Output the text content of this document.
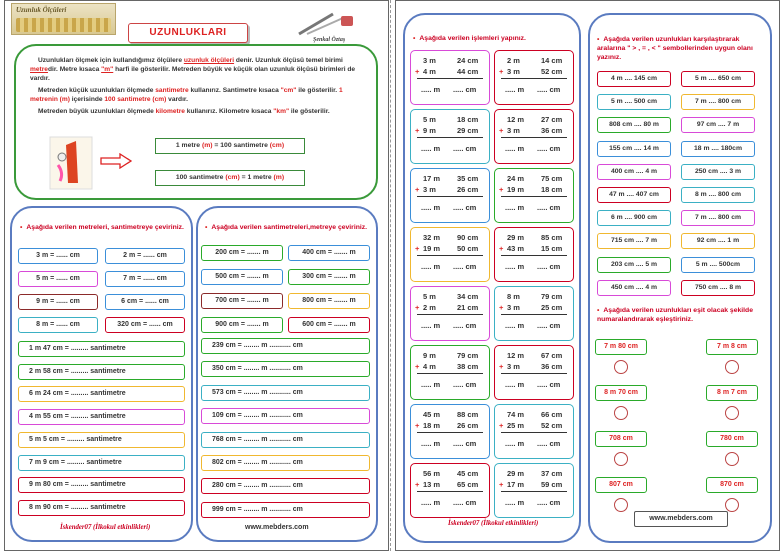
Uzunluk Ölçüleri
UZUNLUKLARI
Şenkal Öztaş

Uzunlukları ölçmek için kullandığımız ölçülere uzunluk ölçüleri denir. Uzunluk ölçüsü temel birimi metredir. Metre kısaca "m" harfi ile gösterilir. Metreden büyük ve küçük olan uzunluk ölçüsü birimleri de vardır.

Metreden küçük uzunlukları ölçmede santimetre kullanırız. Santimetre kısaca "cm" ile gösterilir. 1 metrenin (m) içerisinde 100 santimetre (cm) vardır.

Metreden büyük uzunlukları ölçmede kilometre kullanırız. Kilometre kısaca "km" ile gösterilir.

1 metre (m) = 100 santimetre (cm)
100 santimetre (cm) = 1 metre (m)
• Aşağıda verilen metreleri, santimetreye çeviriniz.	• Aşağıda verilen santimetreleri,metreye çeviriniz.
İskender07 (İlkokul etkinlikleri)	www.mebders.com
• Aşağıda verilen işlemleri yapınız.
İskender07 (İlkokul etkinlikleri)
• Aşağıda verilen uzunlukları karşılaştırarak aralarına " > , = , < " sembollerinden uygun olanı yazınız.
• Aşağıda verilen uzunlukları eşit olacak şekilde numaralandırarak eşleştiriniz.
www.mebders.com
3 m = ...... cm	200 cm = ....... m
2 m = ...... cm	400 cm = ....... m
5 m = ...... cm	500 cm = ....... m
7 m = ...... cm	300 cm = ....... m
9 m = ...... cm	700 cm = ....... m
6 cm = ...... cm	800 cm = ....... m
8 m = ...... cm	900 cm = ....... m
320 cm = ...... cm	600 cm = ....... m
1 m 47 cm = ......... santimetre	239 cm = ........ m ........... cm
2 m 58 cm = ......... santimetre	350 cm = ........ m ........... cm
6 m 24 cm = ......... santimetre	573 cm = ........ m ........... cm
4 m 55 cm = ......... santimetre	109 cm = ........ m ........... cm
5 m 5 cm = ......... santimetre	768 cm = ........ m ........... cm
7 m 9 cm = ......... santimetre	802 cm = ........ m ........... cm
9 m 80 cm = ......... santimetre	280 cm = ........ m ........... cm
8 m 90 cm = ......... santimetre	999 cm = ........ m ........... cm
3 m	24 cm
+ 4 m	44 cm
..... m ..... cm
2 m	14 cm
+ 3 m	52 cm
..... m ..... cm
5 m	18 cm
+ 9 m	29 cm
..... m ..... cm
12 m 27 cm
+ 3 m	36 cm
..... m ..... cm
17 m 35 cm
+ 3 m	26 cm
..... m ..... cm
24 m 75 cm
+ 19 m 18 cm
..... m ..... cm
32 m 90 cm
+ 19 m 50 cm
..... m ..... cm
29 m 85 cm
+ 43 m 15 cm
..... m ..... cm
5 m	34 cm
+ 2 m	21 cm
..... m ..... cm
8 m	79 cm
+ 3 m	25 cm
..... m ..... cm
9 m	79 cm
+ 4 m	38 cm
..... m ..... cm
12 m 67 cm
+ 3 m	36 cm
..... m ..... cm
45 m 88 cm
+ 18 m 26 cm
..... m ..... cm
74 m 66 cm
+ 25 m 52 cm
..... m ..... cm
56 m 45 cm
+ 13 m 65 cm
..... m ..... cm
29 m 37 cm
+ 17 m 59 cm
..... m ..... cm
4 m .... 145 cm	5 m .... 650 cm
5 m .... 500 cm	7 m .... 800 cm
808 cm .... 80 m	97 cm .... 7 m
155 cm .... 14 m	18 m .... 180cm
400 cm .... 4 m	250 cm .... 3 m
47 m .... 407 cm	8 m .... 800 cm
6 m .... 900 cm	7 m .... 800 cm
715 cm .... 7 m	92 cm .... 1 m
203 cm .... 5 m	5 m .... 500cm
450 cm .... 4 m	750 cm .... 8 m
7 m 80 cm	7 m 8 cm
8 m 70 cm	8 m 7 cm
708 cm	780 cm
807 cm	870 cm
